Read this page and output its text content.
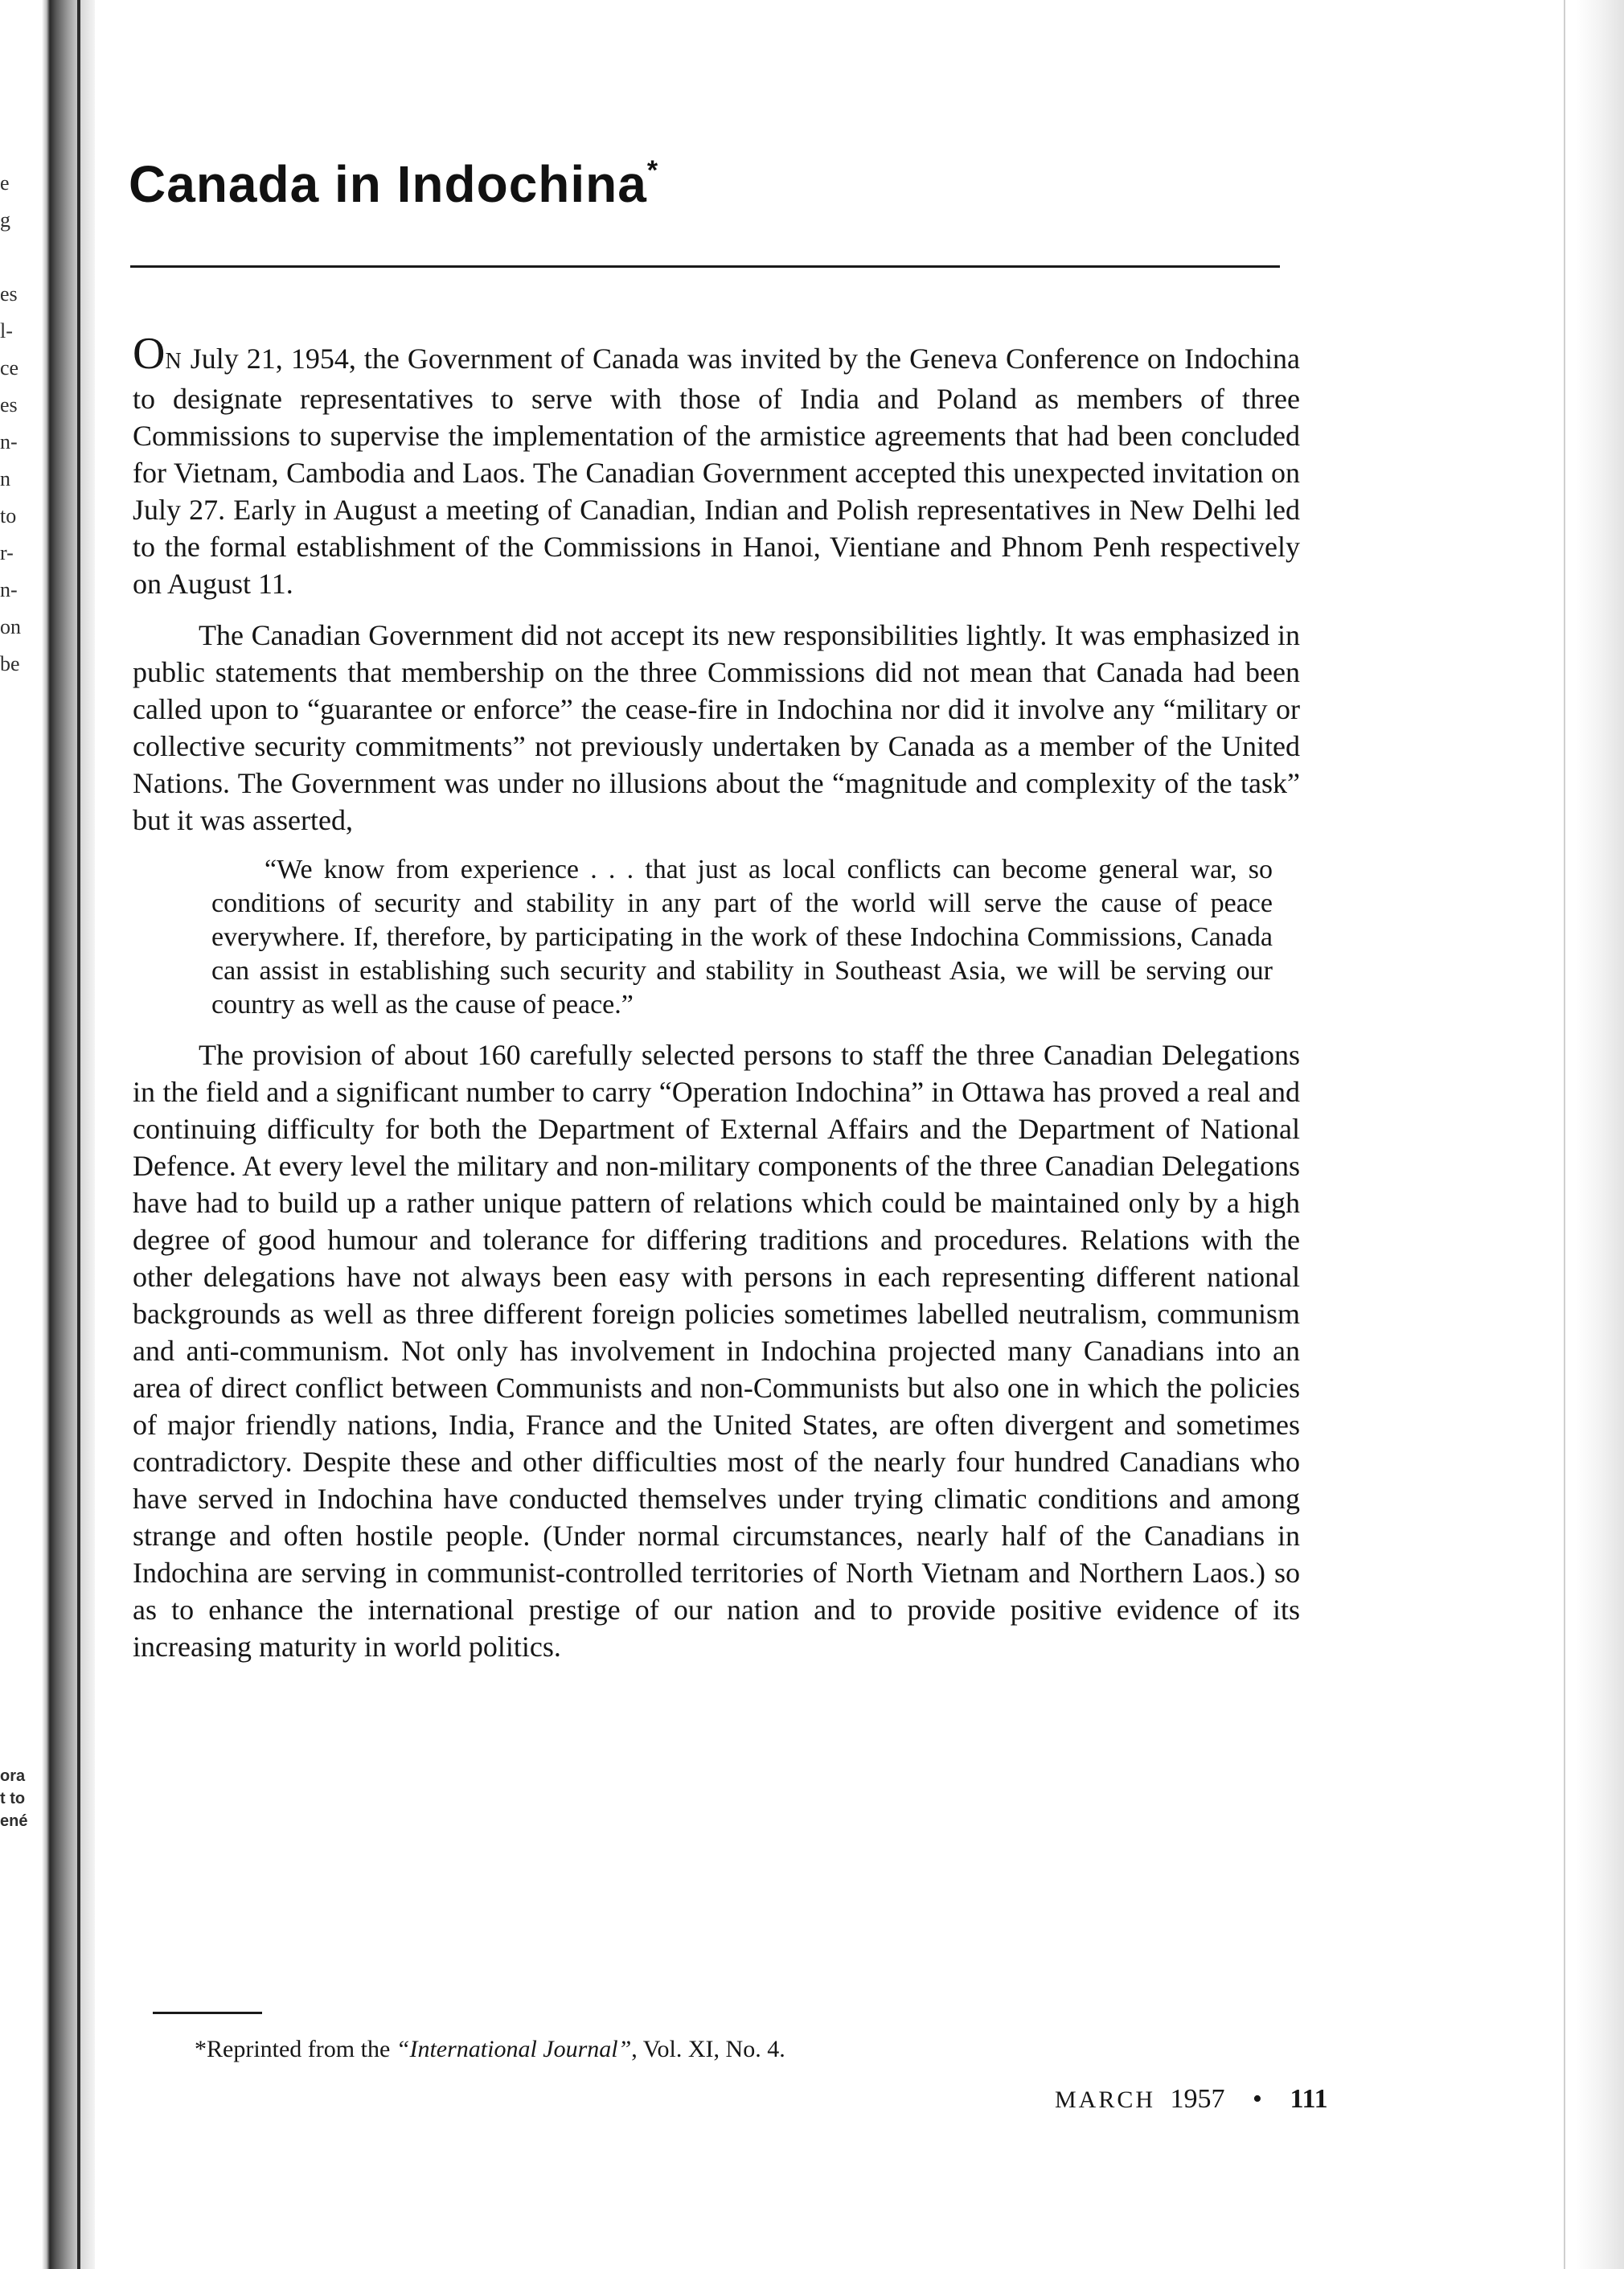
e
g
es
l-
ce
es
n-
n
to
r-
n-
on
be
ora
t to
ené
Canada in Indochina*

ON July 21, 1954, the Government of Canada was invited by the Geneva Conference on Indochina to designate representatives to serve with those of India and Poland as members of three Commissions to supervise the implementation of the armistice agreements that had been concluded for Vietnam, Cambodia and Laos. The Canadian Government accepted this unexpected invitation on July 27. Early in August a meeting of Canadian, Indian and Polish representatives in New Delhi led to the formal establishment of the Commissions in Hanoi, Vientiane and Phnom Penh respectively on August 11.

The Canadian Government did not accept its new responsibilities lightly. It was emphasized in public statements that membership on the three Commissions did not mean that Canada had been called upon to “guarantee or enforce” the cease-fire in Indochina nor did it involve any “military or collective security commitments” not previously undertaken by Canada as a member of the United Nations. The Government was under no illusions about the “magnitude and complexity of the task” but it was asserted,

“We know from experience . . . that just as local conflicts can become general war, so conditions of security and stability in any part of the world will serve the cause of peace everywhere. If, therefore, by participating in the work of these Indochina Commissions, Canada can assist in establishing such security and stability in Southeast Asia, we will be serving our country as well as the cause of peace.”

The provision of about 160 carefully selected persons to staff the three Canadian Delegations in the field and a significant number to carry “Operation Indochina” in Ottawa has proved a real and continuing difficulty for both the Department of External Affairs and the Department of National Defence. At every level the military and non-military components of the three Canadian Delegations have had to build up a rather unique pattern of relations which could be maintained only by a high degree of good humour and tolerance for differing traditions and procedures. Relations with the other delegations have not always been easy with persons in each representing different national backgrounds as well as three different foreign policies sometimes labelled neutralism, communism and anti-communism. Not only has involvement in Indochina projected many Canadians into an area of direct conflict between Communists and non-Communists but also one in which the policies of major friendly nations, India, France and the United States, are often divergent and sometimes contradictory. Despite these and other difficulties most of the nearly four hundred Canadians who have served in Indochina have conducted themselves under trying climatic conditions and among strange and often hostile people. (Under normal circumstances, nearly half of the Canadians in Indochina are serving in communist-controlled territories of North Vietnam and Northern Laos.) so as to enhance the international prestige of our nation and to provide positive evidence of its increasing maturity in world politics.

*Reprinted from the “International Journal”, Vol. XI, No. 4.
MARCH 1957 • 111
